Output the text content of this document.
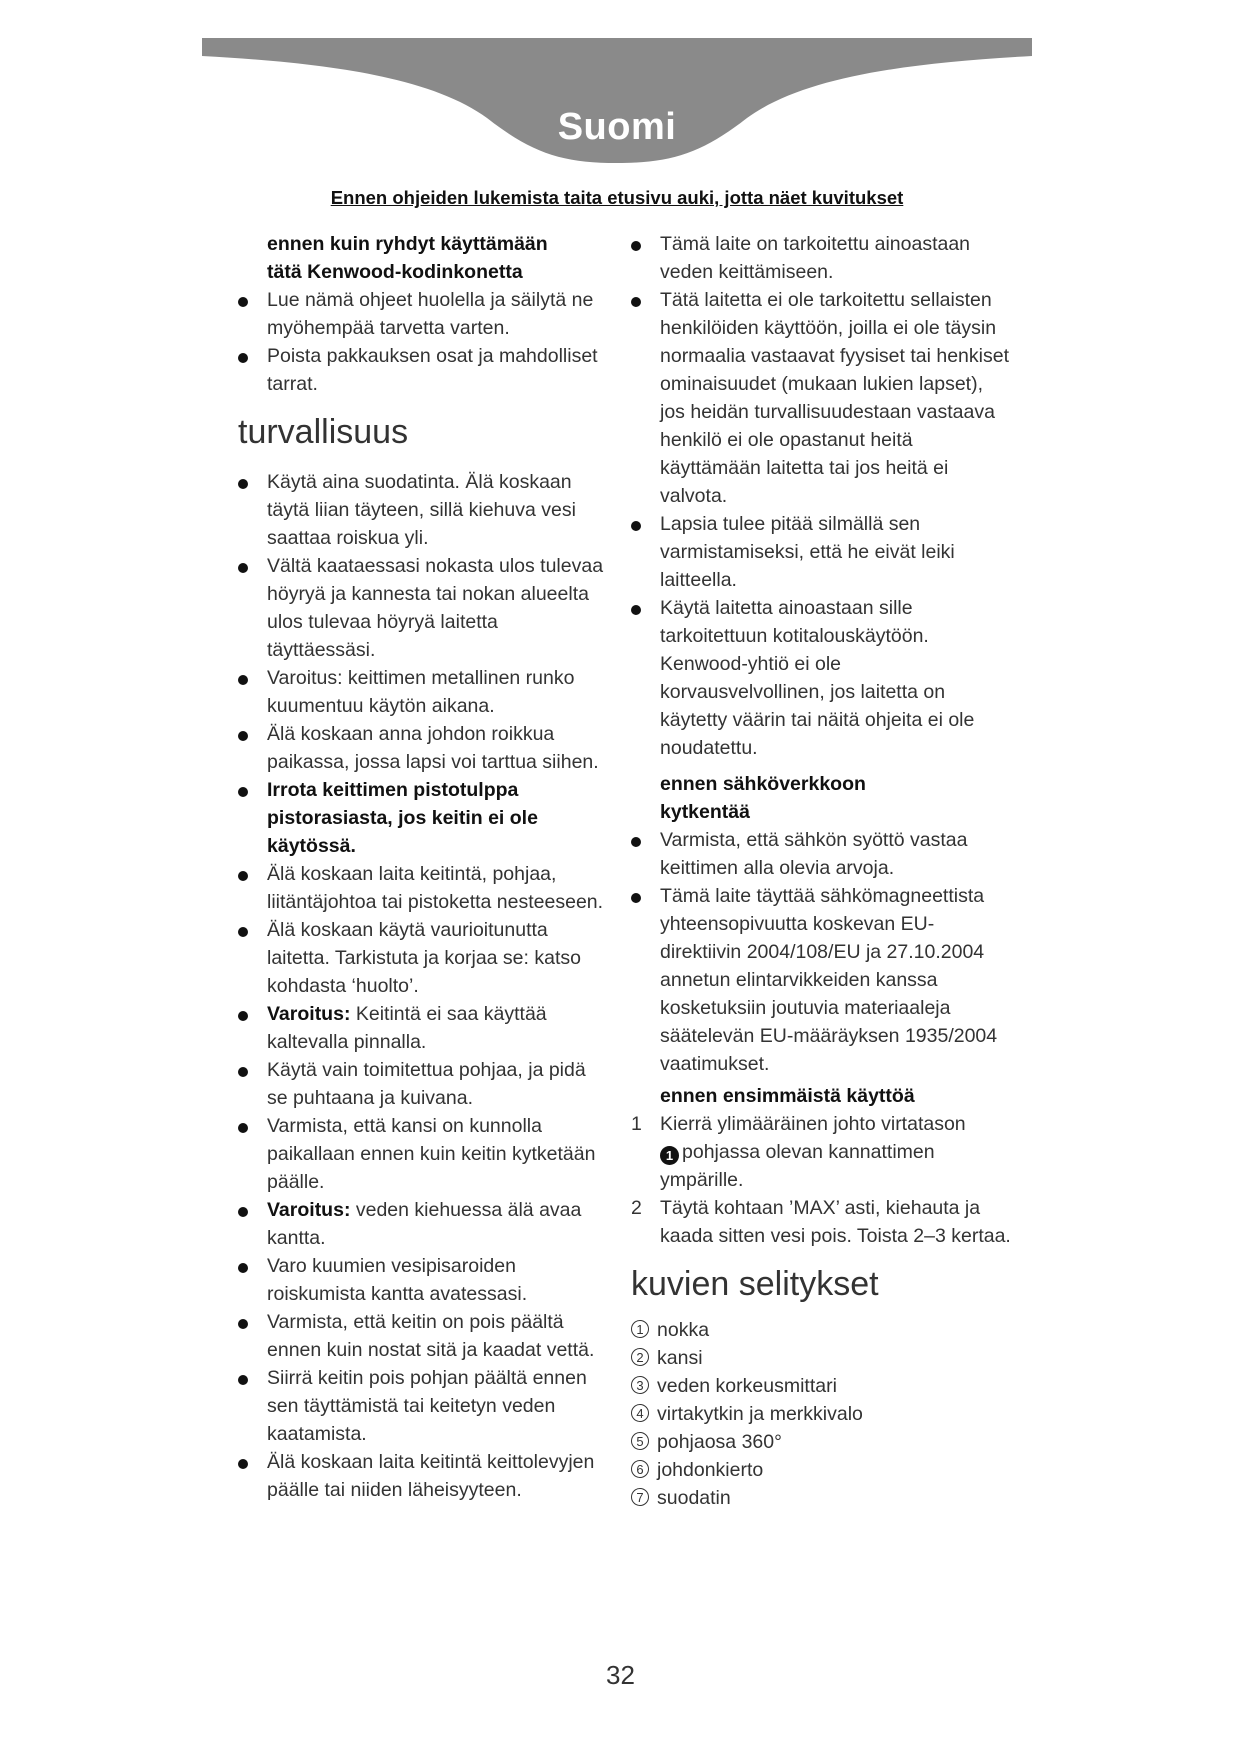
Suomi
Ennen ohjeiden lukemista taita etusivu auki, jotta näet kuvitukset
ennen kuin ryhdyt käyttämään
tätä Kenwood-kodinkonetta
Lue nämä ohjeet huolella ja säilytä ne myöhempää tarvetta varten.
Poista pakkauksen osat ja mahdolliset tarrat.
turvallisuus
Käytä aina suodatinta. Älä koskaan täytä liian täyteen, sillä kiehuva vesi saattaa roiskua yli.
Vältä kaataessasi nokasta ulos tulevaa höyryä ja kannesta tai nokan alueelta ulos tulevaa höyryä laitetta täyttäessäsi.
Varoitus: keittimen metallinen runko kuumentuu käytön aikana.
Älä koskaan anna johdon roikkua paikassa, jossa lapsi voi tarttua siihen.
Irrota keittimen pistotulppa pistorasiasta, jos keitin ei ole käytössä.
Älä koskaan laita keitintä, pohjaa, liitäntäjohtoa tai pistoketta nesteeseen.
Älä koskaan käytä vaurioitunutta laitetta. Tarkistuta ja korjaa se: katso kohdasta ‘huolto’.
Varoitus: Keitintä ei saa käyttää kaltevalla pinnalla.
Käytä vain toimitettua pohjaa, ja pidä se puhtaana ja kuivana.
Varmista, että kansi on kunnolla paikallaan ennen kuin keitin kytketään päälle.
Varoitus: veden kiehuessa älä avaa kantta.
Varo kuumien vesipisaroiden roiskumista kantta avatessasi.
Varmista, että keitin on pois päältä ennen kuin nostat sitä ja kaadat vettä.
Siirrä keitin pois pohjan päältä ennen sen täyttämistä tai keitetyn veden kaatamista.
Älä koskaan laita keitintä keittolevyjen päälle tai niiden läheisyyteen.
Tämä laite on tarkoitettu ainoastaan veden keittämiseen.
Tätä laitetta ei ole tarkoitettu sellaisten henkilöiden käyttöön, joilla ei ole täysin normaalia vastaavat fyysiset tai henkiset ominaisuudet (mukaan lukien lapset), jos heidän turvallisuudestaan vastaava henkilö ei ole opastanut heitä käyttämään laitetta tai jos heitä ei valvota.
Lapsia tulee pitää silmällä sen varmistamiseksi, että he eivät leiki laitteella.
Käytä laitetta ainoastaan sille tarkoitettuun kotitalouskäytöön. Kenwood-yhtiö ei ole korvausvelvollinen, jos laitetta on käytetty väärin tai näitä ohjeita ei ole noudatettu.
ennen sähköverkkoon
kytkentää
Varmista, että sähkön syöttö vastaa keittimen alla olevia arvoja.
Tämä laite täyttää sähkömagneettista yhteensopivuutta koskevan EU-direktiivin 2004/108/EU ja 27.10.2004 annetun elintarvikkeiden kanssa kosketuksiin joutuvia materiaaleja säätelevän EU-määräyksen 1935/2004 vaatimukset.
ennen ensimmäistä käyttöä
1 Kierrä ylimääräinen johto virtatason
1 pohjassa olevan kannattimen ympärille.
2 Täytä kohtaan ’MAX’ asti, kiehauta ja kaada sitten vesi pois. Toista 2–3 kertaa.
kuvien selitykset
1 nokka
2 kansi
3 veden korkeusmittari
4 virtakytkin ja merkkivalo
5 pohjaosa 360°
6 johdonkierto
7 suodatin
32
